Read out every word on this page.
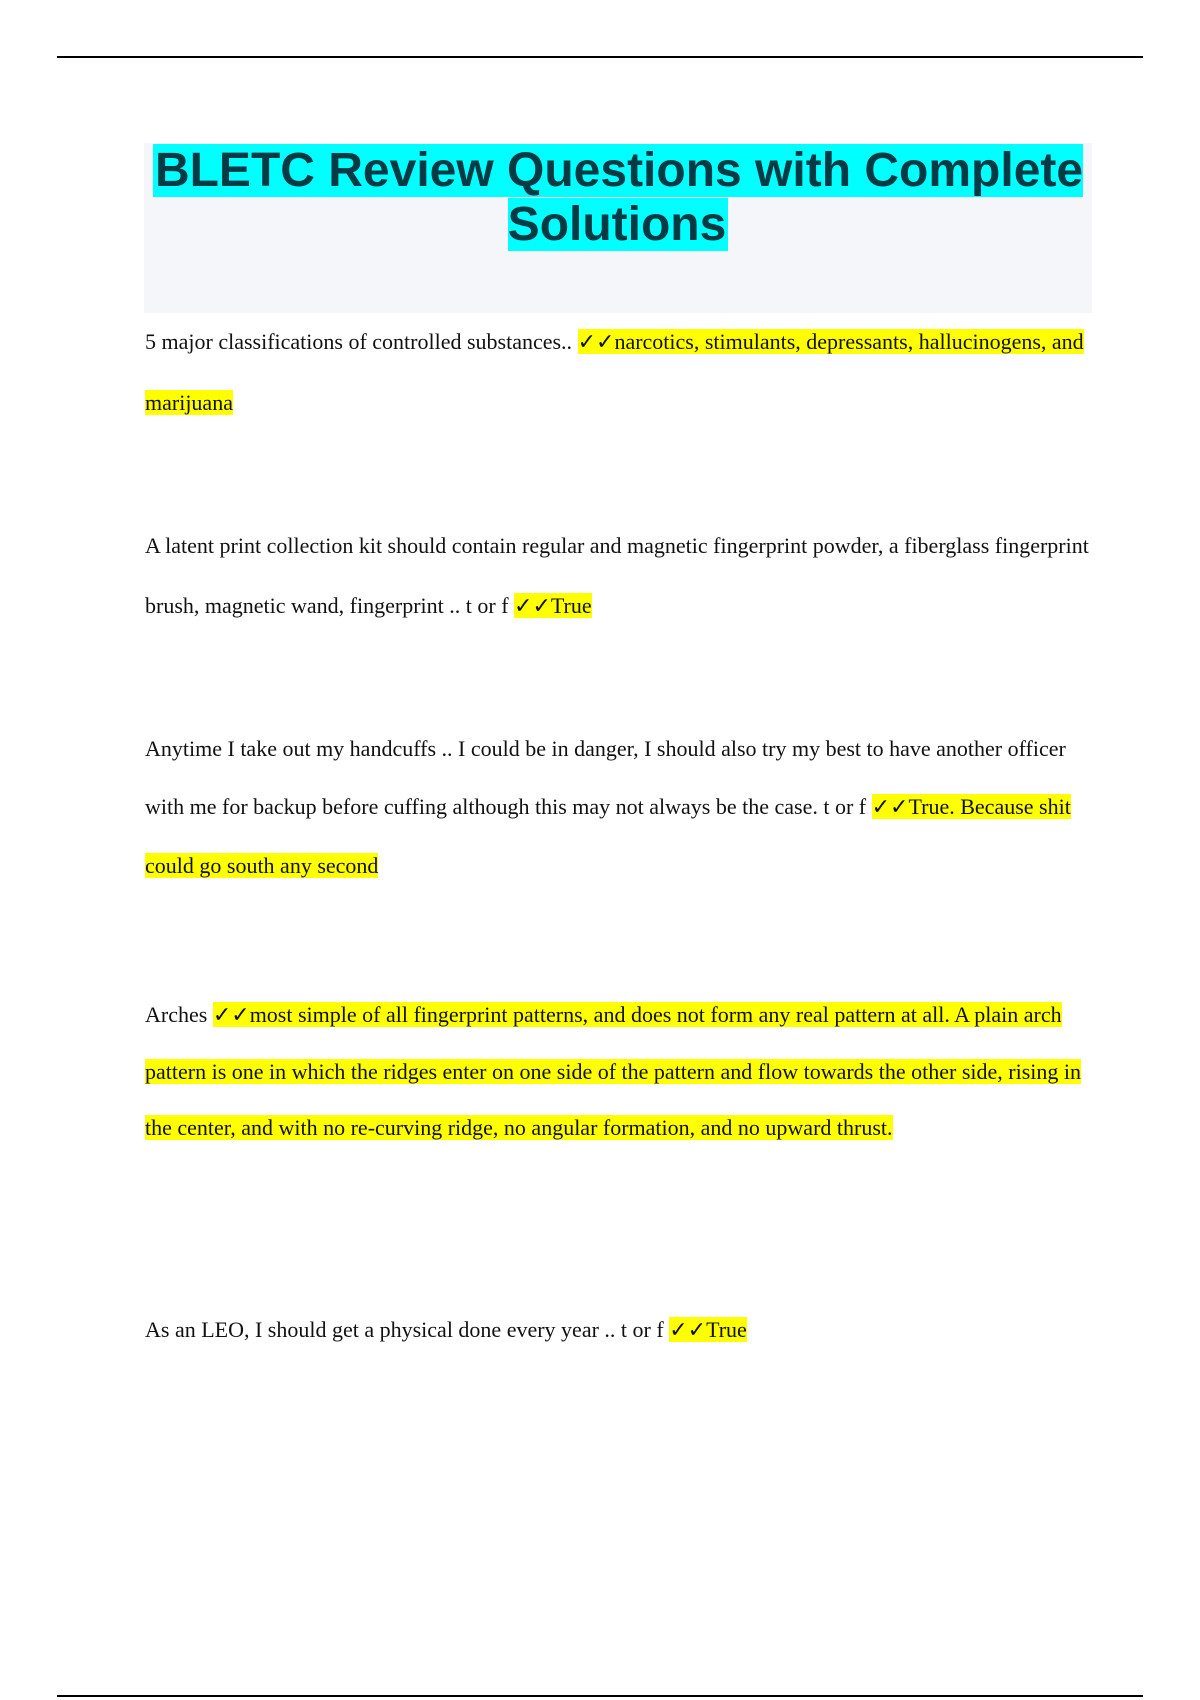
BLETC Review Questions with Complete Solutions

5 major classifications of controlled substances.. ✓✓narcotics, stimulants, depressants, hallucinogens, and marijuana

A latent print collection kit should contain regular and magnetic fingerprint powder, a fiberglass fingerprint brush, magnetic wand, fingerprint .. t or f ✓✓True

Anytime I take out my handcuffs .. I could be in danger, I should also try my best to have another officer with me for backup before cuffing although this may not always be the case. t or f ✓✓True. Because shit could go south any second

Arches ✓✓most simple of all fingerprint patterns, and does not form any real pattern at all. A plain arch pattern is one in which the ridges enter on one side of the pattern and flow towards the other side, rising in the center, and with no re-curving ridge, no angular formation, and no upward thrust.

As an LEO, I should get a physical done every year .. t or f ✓✓True
